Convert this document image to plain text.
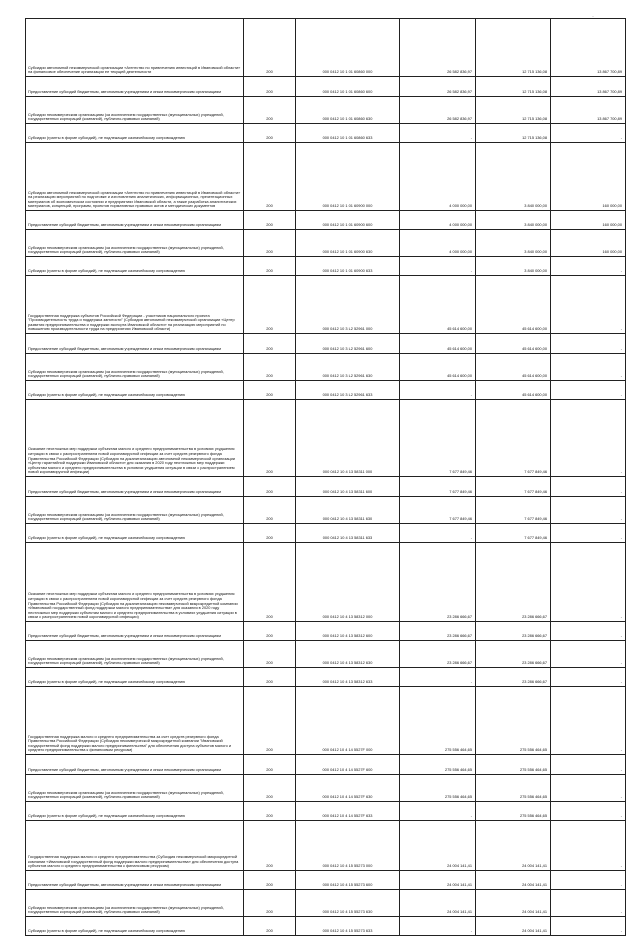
Субсидии автономной некоммерческой организации «Агентство по привлечению инвестиций в Ивановской области» на финансовое обеспечение организации ее текущей деятельности	200	000 0412 10 1 01 60860 000	26 582 836,97	12 715 136,08	13 867 700,89
Предоставление субсидий бюджетным, автономным учреждениям и иным некоммерческим организациям	200	000 0412 10 1 01 60860 600	26 582 836,97	12 715 136,08	13 867 700,89
Субсидии некоммерческим организациям (за исключением государственных (муниципальных) учреждений, государственных корпораций (компаний), публично-правовых компаний)	200	000 0412 10 1 01 60860 630	26 582 836,97	12 715 136,08	13 867 700,89
Субсидии (гранты в форме субсидий), не подлежащие казначейскому сопровождению	200	000 0412 10 1 01 60860 633	-	12 715 136,08	-
Субсидия автономной некоммерческой организации «Агентство по привлечению инвестиций в Ивановской области» на реализацию мероприятий по подготовке и изготовлению аналитических, информационных, презентационных материалов об экономическом состоянии и предприятиях Ивановской области, а также разработка аналитических материалов, концепций, программ, проектов нормативных правовых актов и методических документов	200	000 0412 10 1 01 60900 000	4 000 000,00	3 840 000,00	160 000,00
Предоставление субсидий бюджетным, автономным учреждениям и иным некоммерческим организациям	200	000 0412 10 1 01 60900 600	4 000 000,00	3 840 000,00	160 000,00
Субсидии некоммерческим организациям (за исключением государственных (муниципальных) учреждений, государственных корпораций (компаний), публично-правовых компаний)	200	000 0412 10 1 01 60900 630	4 000 000,00	3 840 000,00	160 000,00
Субсидии (гранты в форме субсидий), не подлежащие казначейскому сопровождению	200	000 0412 10 1 01 60900 633	-	3 840 000,00	-
Государственная поддержка субъектов Российской Федерации - участников национального проекта "Производительность труда и поддержка занятости" (Субсидия автономной некоммерческой организации «Центр развития предпринимательства и поддержки экспорта Ивановской области» на реализацию мероприятий по повышению производительности труда на предприятиях Ивановской области)	200	000 0412 10 3 L2 52961 000	45 614 600,00	45 614 600,00	-
Предоставление субсидий бюджетным, автономным учреждениям и иным некоммерческим организациям	200	000 0412 10 3 L2 52961 600	45 614 600,00	45 614 600,00	-
Субсидии некоммерческим организациям (за исключением государственных (муниципальных) учреждений, государственных корпораций (компаний), публично-правовых компаний)	200	000 0412 10 3 L2 52961 630	45 614 600,00	45 614 600,00	-
Субсидии (гранты в форме субсидий), не подлежащие казначейскому сопровождению	200	000 0412 10 3 L2 52961 633	-	45 614 600,00	-
Оказание неотложных мер поддержки субъектам малого и среднего предпринимательства в условиях ухудшения ситуации в связи с распространением новой коронавирусной инфекции за счет средств резервного фонда Правительства Российской Федерации (Субсидия на докапитализацию автономной некоммерческой организации «Центр гарантийной поддержки Ивановской области» для оказания в 2020 году неотложных мер поддержки субъектам малого и среднего предпринимательства в условиях ухудшения ситуации в связи с распространением новой коронавирусной инфекции)	200	000 0412 10 4 13 58311 000	7 677 849,46	7 677 849,46	-
Предоставление субсидий бюджетным, автономным учреждениям и иным некоммерческим организациям	200	000 0412 10 4 13 58311 600	7 677 849,46	7 677 849,46	-
Субсидии некоммерческим организациям (за исключением государственных (муниципальных) учреждений, государственных корпораций (компаний), публично-правовых компаний)	200	000 0412 10 4 13 58311 630	7 677 849,46	7 677 849,46	-
Субсидии (гранты в форме субсидий), не подлежащие казначейскому сопровождению	200	000 0412 10 4 13 58311 633	-	7 677 849,46	-
Оказание неотложных мер поддержки субъектам малого и среднего предпринимательства в условиях ухудшения ситуации в связи с распространением новой коронавирусной инфекции за счет средств резервного фонда Правительства Российской Федерации (Субсидия на докапитализацию некоммерческой микрокредитной компании «Ивановский государственный фонд поддержки малого предпринимательства» для оказания в 2020 году неотложных мер поддержки субъектам малого и среднего предпринимательства в условиях ухудшения ситуации в связи с распространением новой коронавирусной инфекции)	200	000 0412 10 4 13 58312 000	23 286 666,67	23 286 666,67	-
Предоставление субсидий бюджетным, автономным учреждениям и иным некоммерческим организациям	200	000 0412 10 4 13 58312 600	23 286 666,67	23 286 666,67	-
Субсидии некоммерческим организациям (за исключением государственных (муниципальных) учреждений, государственных корпораций (компаний), публично-правовых компаний)	200	000 0412 10 4 13 58312 630	23 286 666,67	23 286 666,67	-
Субсидии (гранты в форме субсидий), не подлежащие казначейскому сопровождению	200	000 0412 10 4 13 58312 633	-	23 286 666,67	-
Государственная поддержка малого и среднего предпринимательства за счет средств резервного фонда Правительства Российской Федерации (Субсидия некоммерческой микрокредитной компании "Ивановский государственный фонд поддержки малого предпринимательства" для обеспечения доступа субъектов малого и среднего предпринимательства к финансовым ресурсам)	200	000 0412 10 4 14 5527F 000	275 556 464,65	275 556 464,65	-
Предоставление субсидий бюджетным, автономным учреждениям и иным некоммерческим организациям	200	000 0412 10 4 14 5527F 600	275 556 464,65	275 556 464,65	-
Субсидии некоммерческим организациям (за исключением государственных (муниципальных) учреждений, государственных корпораций (компаний), публично-правовых компаний)	200	000 0412 10 4 14 5527F 630	275 556 464,65	275 556 464,65	-
Субсидии (гранты в форме субсидий), не подлежащие казначейскому сопровождению	200	000 0412 10 4 14 5527F 633	-	275 556 464,65	-
Государственная поддержка малого и среднего предпринимательства (Субсидия некоммерческой микрокредитной компании «Ивановский государственный фонд поддержки малого предпринимательства» для обеспечения доступа субъектов малого и среднего предпринимательства к финансовым ресурсам)	200	000 0412 10 4 15 55273 000	24 004 141,41	24 004 141,41	-
Предоставление субсидий бюджетным, автономным учреждениям и иным некоммерческим организациям	200	000 0412 10 4 15 55273 600	24 004 141,41	24 004 141,41	-
Субсидии некоммерческим организациям (за исключением государственных (муниципальных) учреждений, государственных корпораций (компаний), публично-правовых компаний)	200	000 0412 10 4 15 55273 630	24 004 141,41	24 004 141,41	-
Субсидии (гранты в форме субсидий), не подлежащие казначейскому сопровождению	200	000 0412 10 4 15 55273 633	-	24 004 141,41	-
·
